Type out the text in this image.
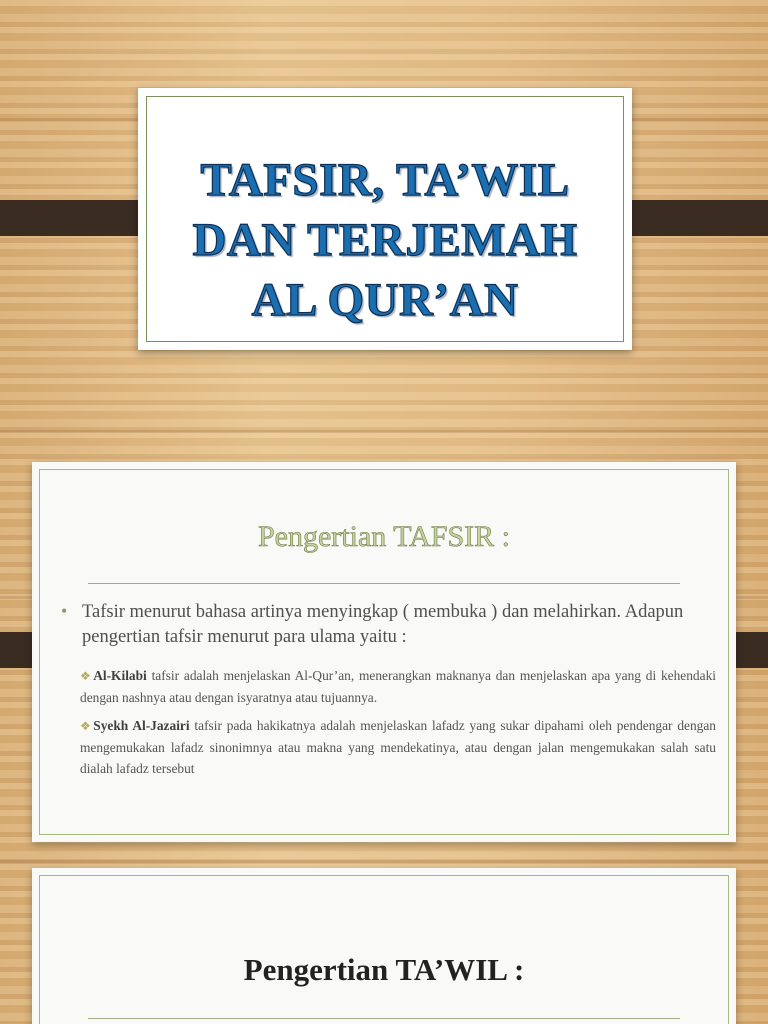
TAFSIR, TA’WIL
DAN TERJEMAH
AL QUR’AN
Pengertian TAFSIR :
• Tafsir menurut bahasa artinya menyingkap ( membuka ) dan melahirkan. Adapun pengertian tafsir menurut para ulama yaitu :
❖Al-Kilabi tafsir adalah menjelaskan Al-Qur’an, menerangkan maknanya dan menjelaskan apa yang di kehendaki dengan nashnya atau dengan isyaratnya atau tujuannya.
❖Syekh Al-Jazairi tafsir pada hakikatnya adalah menjelaskan lafadz yang sukar dipahami oleh pendengar dengan mengemukakan lafadz sinonimnya atau makna yang mendekatinya, atau dengan jalan mengemukakan salah satu dialah lafadz tersebut
Pengertian TA’WIL :
